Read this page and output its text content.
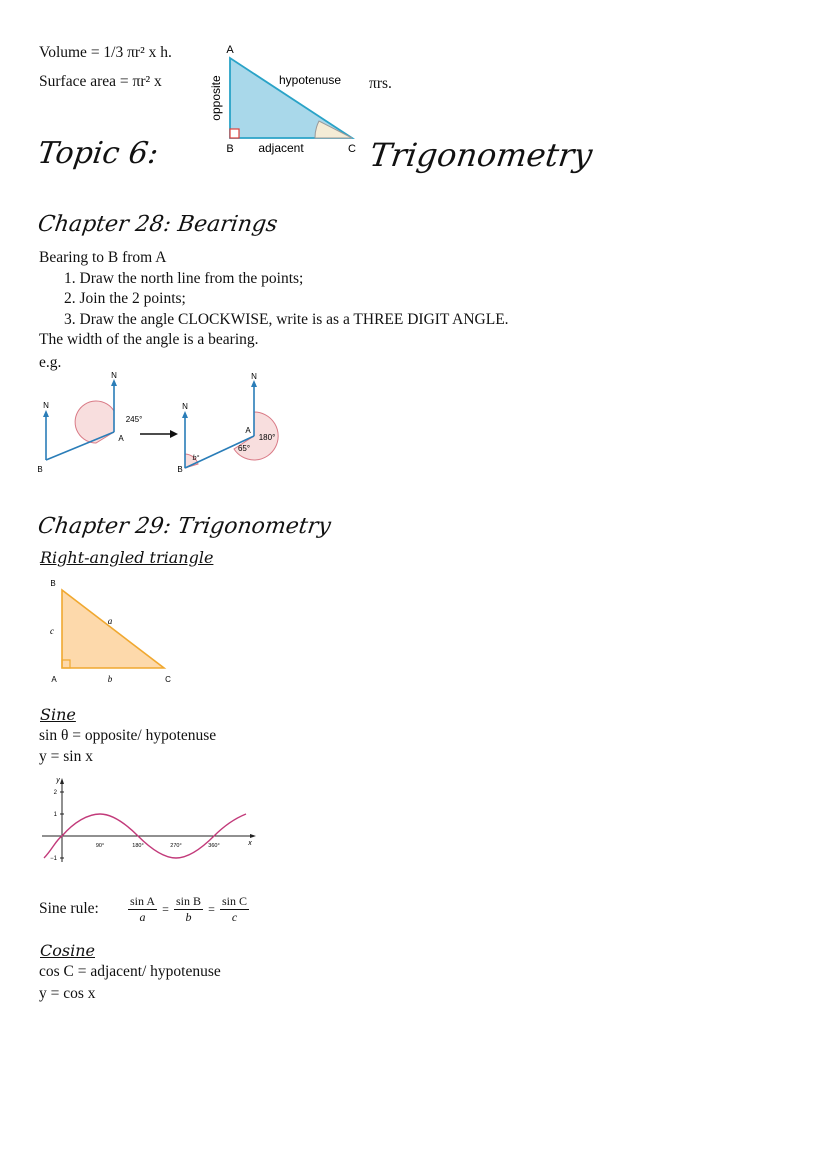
Volume = 1/3 πr² x h.
Surface area = πr² x	πrs.
A
B	C
hypotenuse
adjacent
opposite
Topic 6:	Trigonometry
Chapter 28: Bearings
Bearing to B from A
1. Draw the north line from the points;
2. Join the 2 points;
3. Draw the angle CLOCKWISE, write is as a THREE DIGIT ANGLE.
The width of the angle is a bearing.
e.g.
N
B
N
A
245°
N
B
b°
N
A
180°
65°
Chapter 29: Trigonometry
Right-angled triangle
B
A	C
a
b
c
Sine
sin θ = opposite/ hypotenuse
y = sin x
y
x
2
1
−1
90°	180°	270°	360°
Sine rule: $\frac{\text{sin A}}{a} = \frac{\text{sin B}}{b} = \frac{\text{sin C}}{c}$
Cosine
cos C = adjacent/ hypotenuse
y = cos x
